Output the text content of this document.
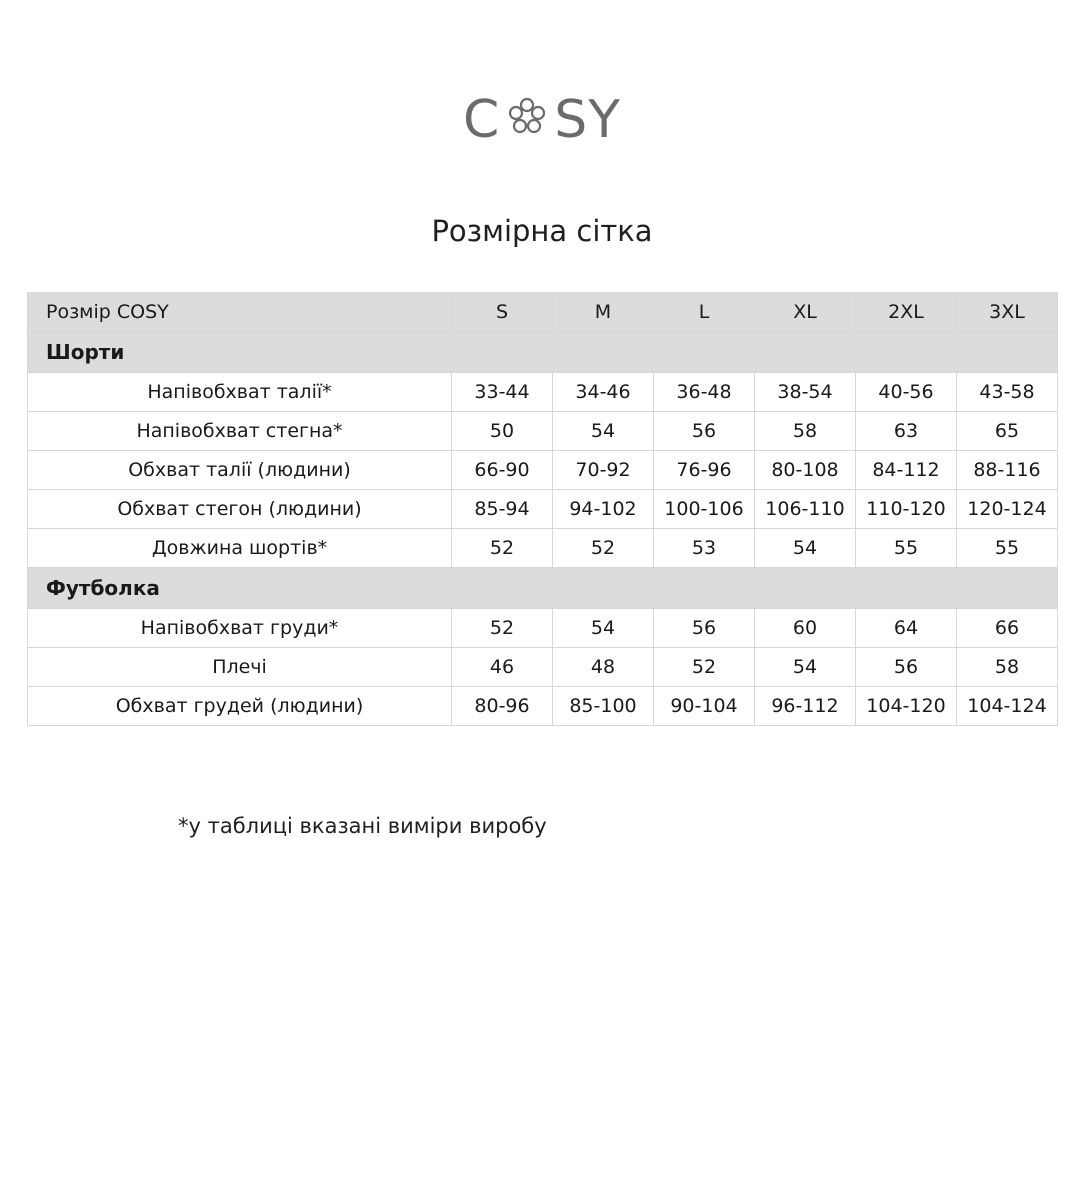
C SY
Розмірна сітка
Розмір COSY	S	M	L	XL	2XL	3XL
Шорти						
Напівобхват талії*	33-44	34-46	36-48	38-54	40-56	43-58
Напівобхват стегна*	50	54	56	58	63	65
Обхват талії (людини)	66-90	70-92	76-96	80-108	84-112	88-116
Обхват стегон (людини)	85-94	94-102	100-106	106-110	110-120	120-124
Довжина шортів*	52	52	53	54	55	55
Футболка						
Напівобхват груди*	52	54	56	60	64	66
Плечі	46	48	52	54	56	58
Обхват грудей (людини)	80-96	85-100	90-104	96-112	104-120	104-124
*у таблиці вказані виміри виробу
